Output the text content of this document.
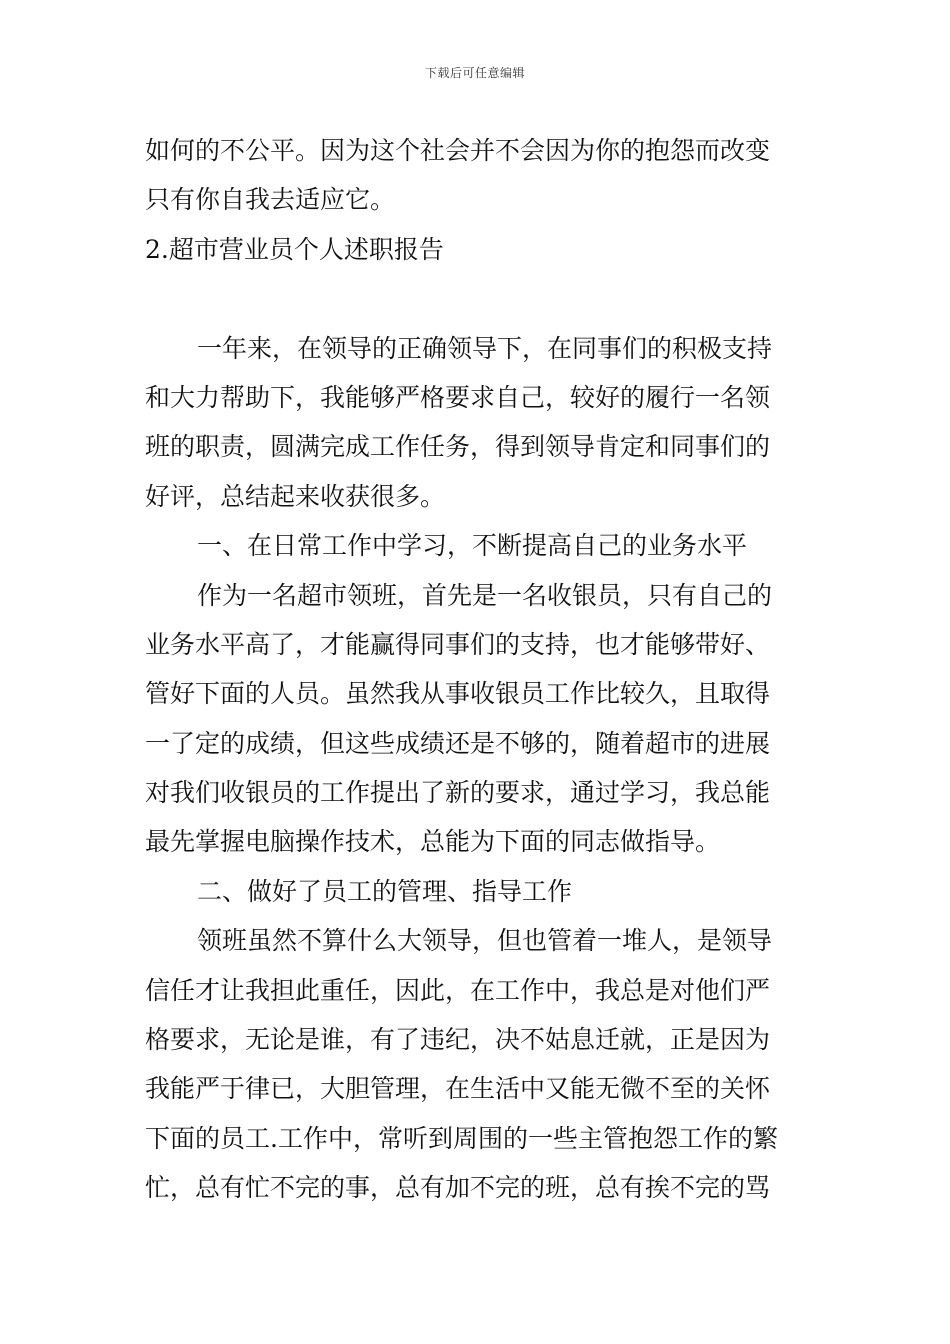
下载后可任意编辑
如何的不公平。因为这个社会并不会因为你的抱怨而改变
只有你自我去适应它。
2.超市营业员个人述职报告
一年来，在领导的正确领导下，在同事们的积极支持
和大力帮助下，我能够严格要求自己，较好的履行一名领
班的职责，圆满完成工作任务，得到领导肯定和同事们的
好评，总结起来收获很多。
一、在日常工作中学习，不断提高自己的业务水平
作为一名超市领班，首先是一名收银员，只有自己的
业务水平高了，才能赢得同事们的支持，也才能够带好、
管好下面的人员。虽然我从事收银员工作比较久，且取得
一了定的成绩，但这些成绩还是不够的，随着超市的进展
对我们收银员的工作提出了新的要求，通过学习，我总能
最先掌握电脑操作技术，总能为下面的同志做指导。
二、做好了员工的管理、指导工作
领班虽然不算什么大领导，但也管着一堆人，是领导
信任才让我担此重任，因此，在工作中，我总是对他们严
格要求，无论是谁，有了违纪，决不姑息迁就，正是因为
我能严于律已，大胆管理，在生活中又能无微不至的关怀
下面的员工.工作中，常听到周围的一些主管抱怨工作的繁
忙，总有忙不完的事，总有加不完的班，总有挨不完的骂
